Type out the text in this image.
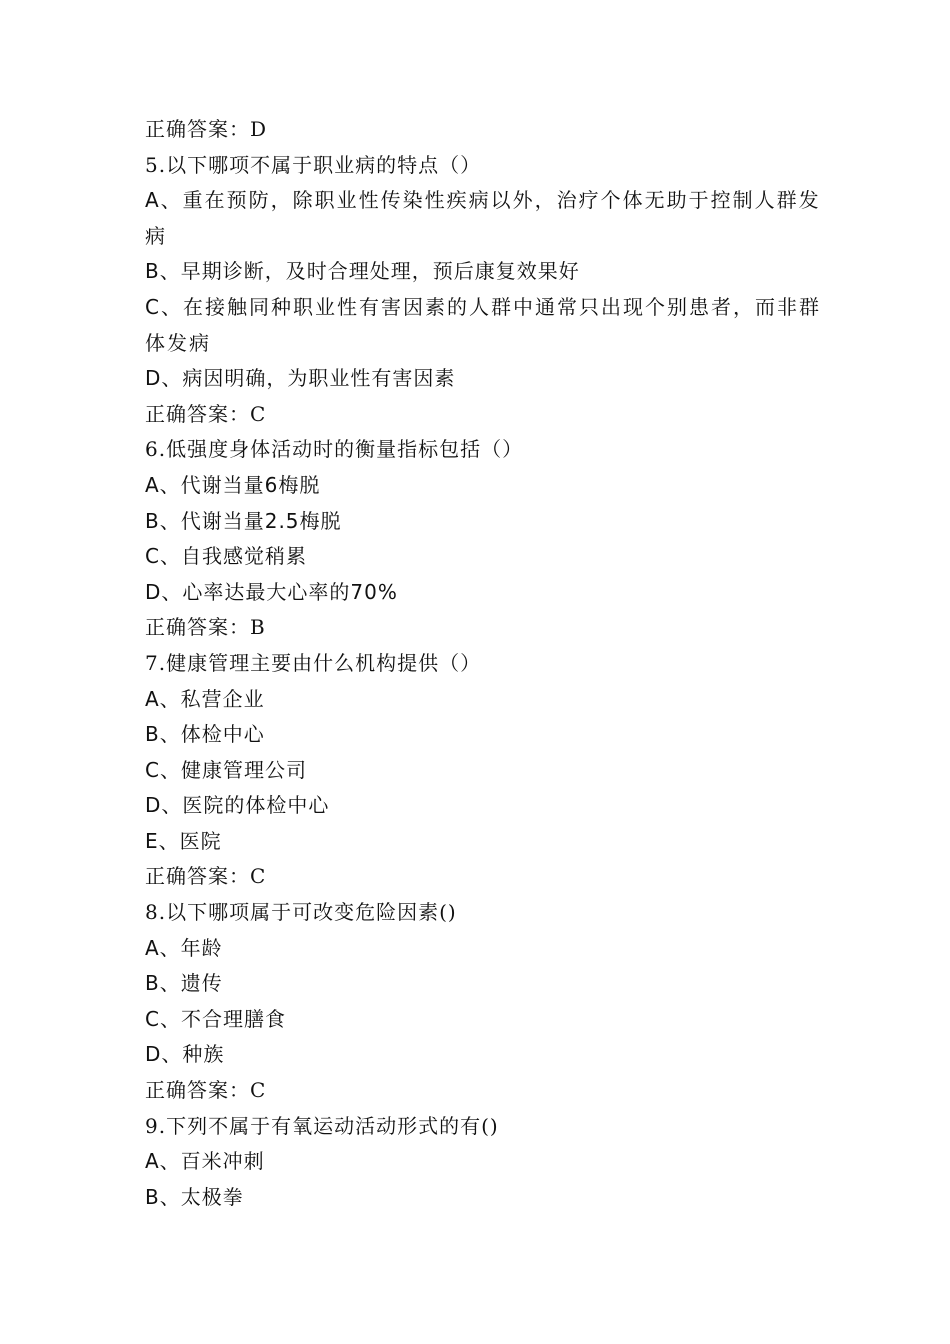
正确答案：D
5.以下哪项不属于职业病的特点（）
A、重在预防，除职业性传染性疾病以外，治疗个体无助于控制人群发病
B、早期诊断，及时合理处理，预后康复效果好
C、在接触同种职业性有害因素的人群中通常只出现个别患者，而非群体发病
D、病因明确，为职业性有害因素
正确答案：C
6.低强度身体活动时的衡量指标包括（）
A、代谢当量6梅脱
B、代谢当量2.5梅脱
C、自我感觉稍累
D、心率达最大心率的70%
正确答案：B
7.健康管理主要由什么机构提供（）
A、私营企业
B、体检中心
C、健康管理公司
D、医院的体检中心
E、医院
正确答案：C
8.以下哪项属于可改变危险因素()
A、年龄
B、遗传
C、不合理膳食
D、种族
正确答案：C
9.下列不属于有氧运动活动形式的有()
A、百米冲刺
B、太极拳
